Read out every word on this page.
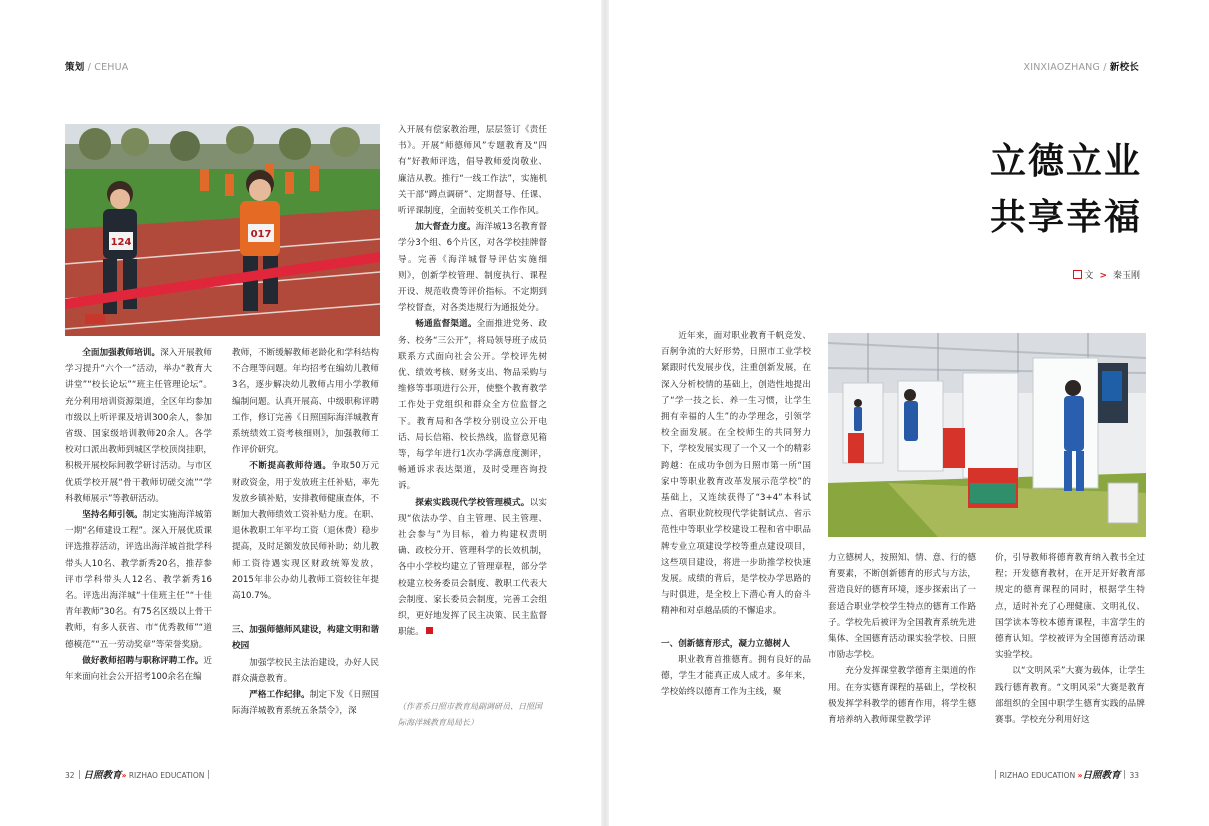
策划 / CEHUA	XINXIAOZHANG / 新校长
124
017

全面加强教师培训。深入开展教师学习提升“六个一”活动，举办“教育大讲堂”“校长论坛”“班主任管理论坛”。充分利用培训资源渠道，全区年均参加市级以上听评课及培训300余人，参加省级、国家级培训教师20余人。各学校对口派出教师到城区学校顶岗挂职，积极开展校际间教学研讨活动。与市区优质学校开展“骨干教师切磋交流”“学科教师展示”等教研活动。

坚持名师引领。制定实施海洋城第一期“名师建设工程”。深入开展优质课评选推荐活动，评选出海洋城首批学科带头人10名、教学新秀20名，推荐参评市学科带头人12名、教学新秀16名。评选出海洋城“十佳班主任”“十佳青年教师”30名。有75名区级以上骨干教师，有多人获省、市“优秀教师”“道德模范”“五一劳动奖章”等荣誉奖励。

做好教师招聘与职称评聘工作。近年来面向社会公开招考100余名在编

教师，不断缓解教师老龄化和学科结构不合理等问题。年均招考在编幼儿教师3名，逐步解决幼儿教师占用小学教师编制问题。认真开展高、中级职称评聘工作，修订完善《日照国际海洋城教育系统绩效工资考核细则》，加强教师工作评价研究。

不断提高教师待遇。争取50万元财政资金，用于发放班主任补贴，率先发放乡镇补贴，安排教师健康查体，不断加大教师绩效工资补贴力度。在职、退休教职工年平均工资（退休费）稳步提高，及时足额发放民师补助；幼儿教师工资待遇实现区财政统筹发放，2015年非公办幼儿教师工资较往年提高10.7%。

三、加强师德师风建设，构建文明和谐校园

加强学校民主法治建设，办好人民群众满意教育。

严格工作纪律。制定下发《日照国际海洋城教育系统五条禁令》，深

入开展有偿家教治理，层层签订《责任书》。开展“师德师风”专题教育及“四有”好教师评选，倡导教师爱岗敬业、廉洁从教。推行“一线工作法”，实施机关干部“蹲点调研”、定期督导、任课、听评课制度，全面转变机关工作作风。

加大督查力度。海洋城13名教育督学分3个组、6个片区，对各学校挂牌督导。完善《海洋城督导评估实施细则》，创新学校管理、制度执行、课程开设、规范收费等评价指标。不定期到学校督查，对各类违规行为通报处分。

畅通监督渠道。全面推进党务、政务、校务“三公开”，将局领导班子成员联系方式面向社会公开。学校评先树优、绩效考核、财务支出、物品采购与维修等事项进行公开，使整个教育教学工作处于党组织和群众全方位监督之下。教育局和各学校分别设立公开电话、局长信箱、校长热线，监督意见箱等，每学年进行1次办学满意度测评，畅通诉求表达渠道，及时受理咨询投诉。

探索实践现代学校管理模式。以实现“依法办学、自主管理、民主管理、社会参与”为目标，着力构建权责明确、政校分开、管理科学的长效机制，各中小学校均建立了管理章程，部分学校建立校务委员会制度、教职工代表大会制度、家长委员会制度，完善工会组织，更好地发挥了民主决策、民主监督职能。

（作者系日照市教育局副调研员、日照国际海洋城教育局局长）
立德立业
共享幸福
文 > 秦玉刚

近年来，面对职业教育千帆竞发、百舸争流的大好形势，日照市工业学校紧跟时代发展步伐，注重创新发展，在深入分析校情的基础上，创造性地提出了“学一技之长、养一生习惯，让学生拥有幸福的人生”的办学理念，引领学校全面发展。在全校师生的共同努力下，学校发展实现了一个又一个的精彩跨越：在成功争创为日照市第一所“国家中等职业教育改革发展示范学校”的基础上，又连续获得了“3+4”本科试点、省职业院校现代学徒制试点、省示范性中等职业学校建设工程和省中职品牌专业立项建设学校等重点建设项目，这些项目建设，将进一步助推学校快速发展。成绩的背后，是学校办学思路的与时俱进，是全校上下潜心育人的奋斗精神和对卓越品质的不懈追求。

一、创新德育形式，凝力立德树人

职业教育首推德育。拥有良好的品德，学生才能真正成人成才。多年来，学校始终以德育工作为主线，聚

力立德树人，按照知、情、意、行的德育要素，不断创新德育的形式与方法，营造良好的德育环境，逐步探索出了一套适合职业学校学生特点的德育工作路子。学校先后被评为全国教育系统先进集体、全国德育活动课实验学校、日照市励志学校。

充分发挥课堂教学德育主渠道的作用。在夯实德育课程的基础上，学校积极发挥学科教学的德育作用，将学生德育培养纳入教师课堂教学评

价，引导教师将德育教育纳入教书全过程；开发德育教材，在开足开好教育部规定的德育课程的同时，根据学生特点，适时补充了心理健康、文明礼仪、国学读本等校本德育课程，丰富学生的德育认知。学校被评为全国德育活动课实验学校。

以“文明风采”大赛为载体，让学生践行德育教育。“文明风采”大赛是教育部组织的全国中职学生德育实践的品牌赛事。学校充分利用好这

32 日照教育» RIZHAO EDUCATION	RIZHAO EDUCATION »日照教育 33
